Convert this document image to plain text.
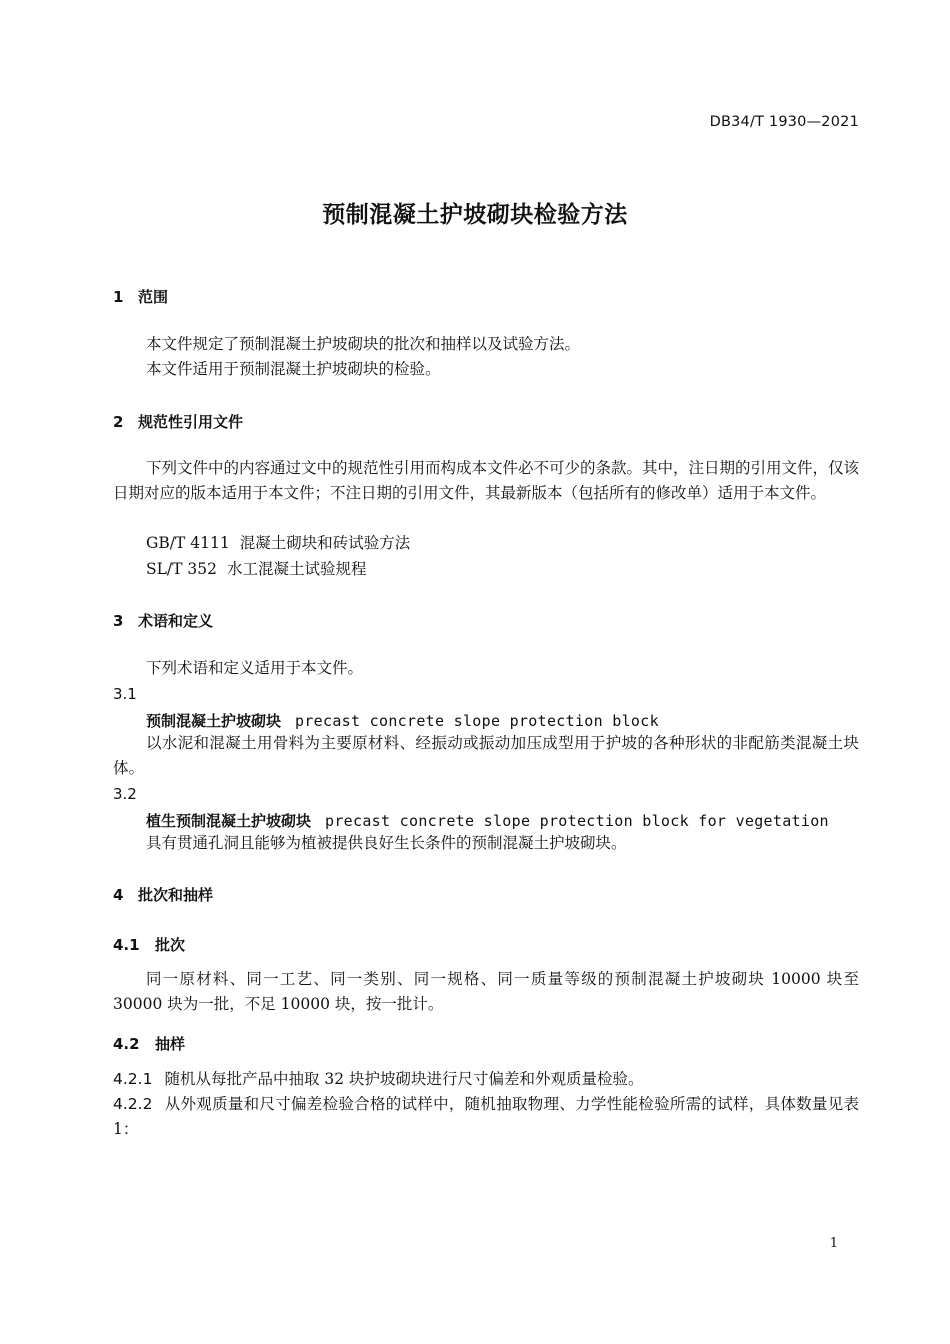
DB34/T 1930—2021
预制混凝土护坡砌块检验方法
1 范围

本文件规定了预制混凝土护坡砌块的批次和抽样以及试验方法。

本文件适用于预制混凝土护坡砌块的检验。

2 规范性引用文件

下列文件中的内容通过文中的规范性引用而构成本文件必不可少的条款。其中，注日期的引用文件，仅该日期对应的版本适用于本文件；不注日期的引用文件，其最新版本（包括所有的修改单）适用于本文件。

GB/T 4111 混凝土砌块和砖试验方法
SL/T 352 水工混凝土试验规程
3 术语和定义

下列术语和定义适用于本文件。

3.1
预制混凝土护坡砌块 precast concrete slope protection block

以水泥和混凝土用骨料为主要原材料、经振动或振动加压成型用于护坡的各种形状的非配筋类混凝土块体。

3.2
植生预制混凝土护坡砌块 precast concrete slope protection block for vegetation

具有贯通孔洞且能够为植被提供良好生长条件的预制混凝土护坡砌块。

4 批次和抽样
4.1 批次

同一原材料、同一工艺、同一类别、同一规格、同一质量等级的预制混凝土护坡砌块 10000 块至 30000 块为一批，不足 10000 块，按一批计。

4.2 抽样

4.2.1 随机从每批产品中抽取 32 块护坡砌块进行尺寸偏差和外观质量检验。

4.2.2 从外观质量和尺寸偏差检验合格的试样中，随机抽取物理、力学性能检验所需的试样，具体数量见表 1：

1
